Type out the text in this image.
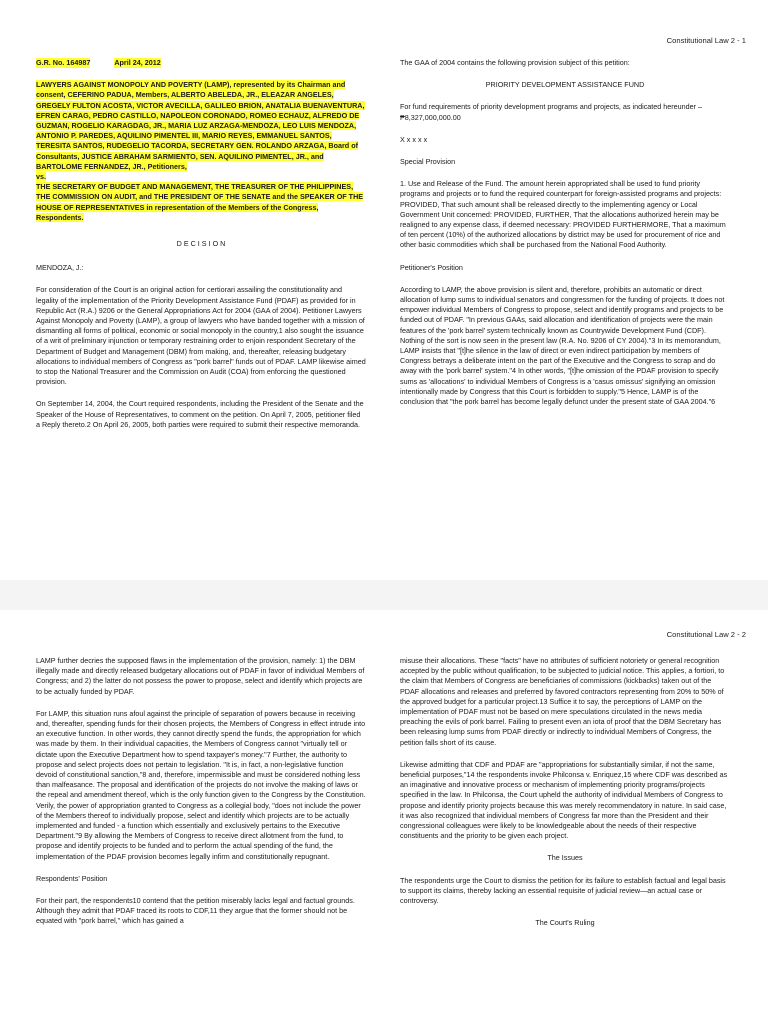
Constitutional Law 2 - 1

G.R. No. 164987	April 24, 2012

LAWYERS AGAINST MONOPOLY AND POVERTY (LAMP), represented by its Chairman and consent, CEFERINO PADUA, Members, ALBERTO ABELEDA, JR., ELEAZAR ANGELES, GREGELY FULTON ACOSTA, VICTOR AVECILLA, GALILEO BRION, ANATALIA BUENAVENTURA, EFREN CARAG, PEDRO CASTILLO, NAPOLEON CORONADO, ROMEO ECHAUZ, ALFREDO DE GUZMAN, ROGELIO KARAGDAG, JR., MARIA LUZ ARZAGA-MENDOZA, LEO LUIS MENDOZA, ANTONIO P. PAREDES, AQUILINO PIMENTEL III, MARIO REYES, EMMANUEL SANTOS, TERESITA SANTOS, RUDEGELIO TACORDA, SECRETARY GEN. ROLANDO ARZAGA, Board of Consultants, JUSTICE ABRAHAM SARMIENTO, SEN. AQUILINO PIMENTEL, JR., and BARTOLOME FERNANDEZ, JR., Petitioners,
vs.
THE SECRETARY OF BUDGET AND MANAGEMENT, THE TREASURER OF THE PHILIPPINES, THE COMMISSION ON AUDIT, and THE PRESIDENT OF THE SENATE and the SPEAKER OF THE HOUSE OF REPRESENTATIVES in representation of the Members of the Congress, Respondents.

D E C I S I O N

MENDOZA, J.:

For consideration of the Court is an original action for certiorari assailing the constitutionality and legality of the implementation of the Priority Development Assistance Fund (PDAF) as provided for in Republic Act (R.A.) 9206 or the General Appropriations Act for 2004 (GAA of 2004). Petitioner Lawyers Against Monopoly and Poverty (LAMP), a group of lawyers who have banded together with a mission of dismantling all forms of political, economic or social monopoly in the country,1 also sought the issuance of a writ of preliminary injunction or temporary restraining order to enjoin respondent Secretary of the Department of Budget and Management (DBM) from making, and, thereafter, releasing budgetary allocations to individual members of Congress as "pork barrel" funds out of PDAF. LAMP likewise aimed to stop the National Treasurer and the Commission on Audit (COA) from enforcing the questioned provision.

On September 14, 2004, the Court required respondents, including the President of the Senate and the Speaker of the House of Representatives, to comment on the petition. On April 7, 2005, petitioner filed a Reply thereto.2 On April 26, 2005, both parties were required to submit their respective memoranda.

The GAA of 2004 contains the following provision subject of this petition:

PRIORITY DEVELOPMENT ASSISTANCE FUND

For fund requirements of priority development programs and projects, as indicated hereunder – ₱8,327,000,000.00

X x x x x

Special Provision

1. Use and Release of the Fund. The amount herein appropriated shall be used to fund priority programs and projects or to fund the required counterpart for foreign-assisted programs and projects: PROVIDED, That such amount shall be released directly to the implementing agency or Local Government Unit concerned: PROVIDED, FURTHER, That the allocations authorized herein may be realigned to any expense class, if deemed necessary: PROVIDED FURTHERMORE, That a maximum of ten percent (10%) of the authorized allocations by district may be used for procurement of rice and other basic commodities which shall be purchased from the National Food Authority.

Petitioner's Position

According to LAMP, the above provision is silent and, therefore, prohibits an automatic or direct allocation of lump sums to individual senators and congressmen for the funding of projects. It does not empower individual Members of Congress to propose, select and identify programs and projects to be funded out of PDAF. "In previous GAAs, said allocation and identification of projects were the main features of the 'pork barrel' system technically known as Countrywide Development Fund (CDF). Nothing of the sort is now seen in the present law (R.A. No. 9206 of CY 2004)."3 In its memorandum, LAMP insists that "[t]he silence in the law of direct or even indirect participation by members of Congress betrays a deliberate intent on the part of the Executive and the Congress to scrap and do away with the 'pork barrel' system."4 In other words, "[t]he omission of the PDAF provision to specify sums as 'allocations' to individual Members of Congress is a 'casus omissus' signifying an omission intentionally made by Congress that this Court is forbidden to supply."5 Hence, LAMP is of the conclusion that "the pork barrel has become legally defunct under the present state of GAA 2004."6

Constitutional Law 2 - 2

LAMP further decries the supposed flaws in the implementation of the provision, namely: 1) the DBM illegally made and directly released budgetary allocations out of PDAF in favor of individual Members of Congress; and 2) the latter do not possess the power to propose, select and identify which projects are to be actually funded by PDAF.

For LAMP, this situation runs afoul against the principle of separation of powers because in receiving and, thereafter, spending funds for their chosen projects, the Members of Congress in effect intrude into an executive function. In other words, they cannot directly spend the funds, the appropriation for which was made by them. In their individual capacities, the Members of Congress cannot "virtually tell or dictate upon the Executive Department how to spend taxpayer's money."7 Further, the authority to propose and select projects does not pertain to legislation. "It is, in fact, a non-legislative function devoid of constitutional sanction,"8 and, therefore, impermissible and must be considered nothing less than malfeasance. The proposal and identification of the projects do not involve the making of laws or the repeal and amendment thereof, which is the only function given to the Congress by the Constitution. Verily, the power of appropriation granted to Congress as a collegial body, "does not include the power of the Members thereof to individually propose, select and identify which projects are to be actually implemented and funded - a function which essentially and exclusively pertains to the Executive Department."9 By allowing the Members of Congress to receive direct allotment from the fund, to propose and identify projects to be funded and to perform the actual spending of the fund, the implementation of the PDAF provision becomes legally infirm and constitutionally repugnant.

Respondents' Position

For their part, the respondents10 contend that the petition miserably lacks legal and factual grounds. Although they admit that PDAF traced its roots to CDF,11 they argue that the former should not be equated with "pork barrel," which has gained a

misuse their allocations. These "facts" have no attributes of sufficient notoriety or general recognition accepted by the public without qualification, to be subjected to judicial notice. This applies, a fortiori, to the claim that Members of Congress are beneficiaries of commissions (kickbacks) taken out of the PDAF allocations and releases and preferred by favored contractors representing from 20% to 50% of the approved budget for a particular project.13 Suffice it to say, the perceptions of LAMP on the implementation of PDAF must not be based on mere speculations circulated in the news media preaching the evils of pork barrel. Failing to present even an iota of proof that the DBM Secretary has been releasing lump sums from PDAF directly or indirectly to individual Members of Congress, the petition falls short of its cause.

Likewise admitting that CDF and PDAF are "appropriations for substantially similar, if not the same, beneficial purposes,"14 the respondents invoke Philconsa v. Enriquez,15 where CDF was described as an imaginative and innovative process or mechanism of implementing priority programs/projects specified in the law. In Philconsa, the Court upheld the authority of individual Members of Congress to propose and identify priority projects because this was merely recommendatory in nature. In said case, it was also recognized that individual members of Congress far more than the President and their congressional colleagues were likely to be knowledgeable about the needs of their respective constituents and the priority to be given each project.

The Issues

The respondents urge the Court to dismiss the petition for its failure to establish factual and legal basis to support its claims, thereby lacking an essential requisite of judicial review—an actual case or controversy.

The Court's Ruling
